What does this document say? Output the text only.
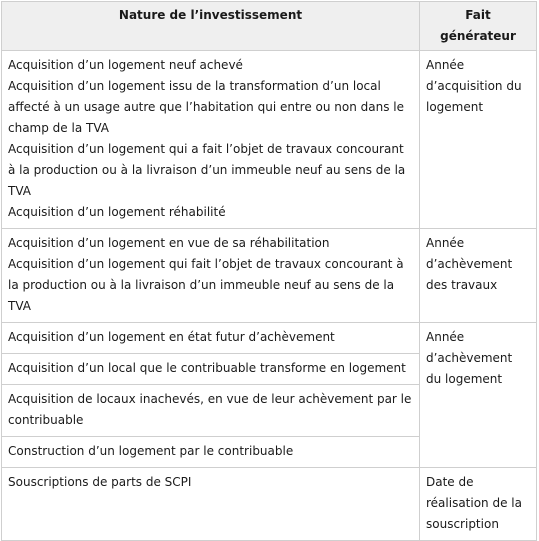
Nature de l’investissement	Fait générateur

Acquisition d’un logement neuf achevé
Acquisition d’un logement issu de la transformation d’un local affecté à un usage autre que l’habitation qui entre ou non dans le champ de la TVA
Acquisition d’un logement qui a fait l’objet de travaux concourant à la production ou à la livraison d’un immeuble neuf au sens de la TVA
Acquisition d’un logement réhabilité	Année d’acquisition du logement

Acquisition d’un logement en vue de sa réhabilitation
Acquisition d’un logement qui fait l’objet de travaux concourant à la production ou à la livraison d’un immeuble neuf au sens de la TVA	Année d’achèvement des travaux

Acquisition d’un logement en état futur d’achèvement	Année d’achèvement du logement

Acquisition d’un local que le contribuable transforme en logement	

Acquisition de locaux inachevés, en vue de leur achèvement par le contribuable	

Construction d’un logement par le contribuable	

Souscriptions de parts de SCPI	Date de réalisation de la souscription
